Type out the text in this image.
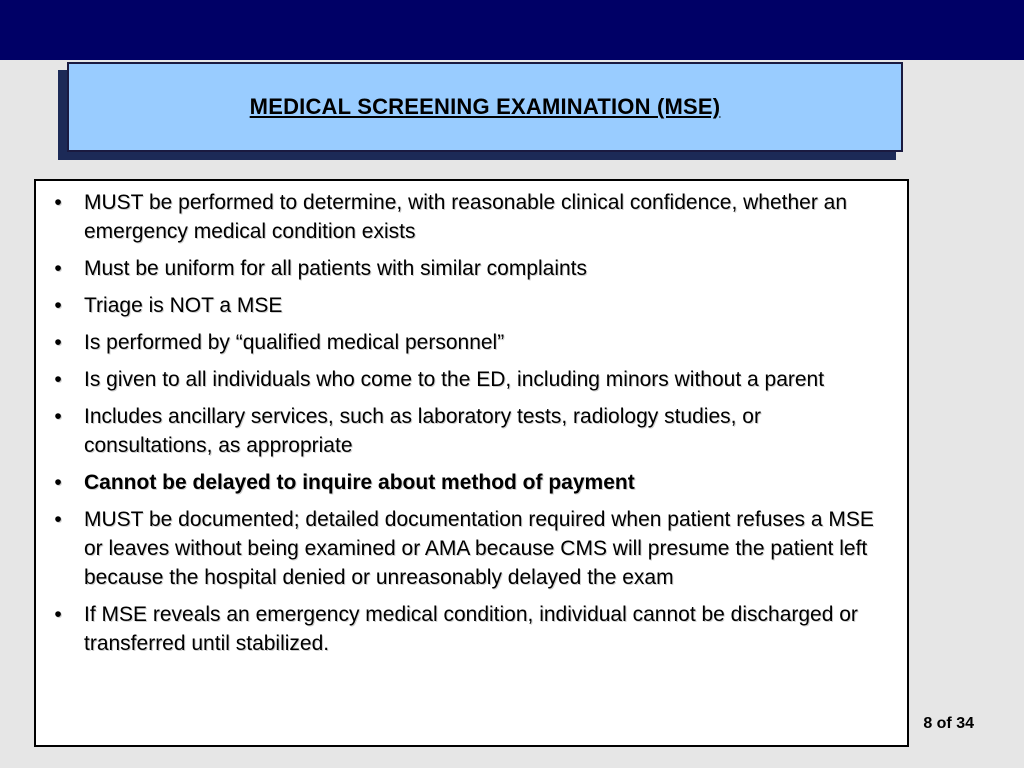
MEDICAL SCREENING EXAMINATION (MSE)
•	MUST be performed to determine, with reasonable clinical confidence, whether an emergency medical condition exists
•	Must be uniform for all patients with similar complaints
•	Triage is NOT a MSE
•	Is performed by “qualified medical personnel”
•	Is given to all individuals who come to the ED, including minors without a parent
•	Includes ancillary services, such as laboratory tests, radiology studies, or consultations, as appropriate
•	Cannot be delayed to inquire about method of payment
•	MUST be documented; detailed documentation required when patient refuses a MSE or leaves without being examined or AMA because CMS will presume the patient left because the hospital denied or unreasonably delayed the exam
•	If MSE reveals an emergency medical condition, individual cannot be discharged or transferred until stabilized.
8 of 34
